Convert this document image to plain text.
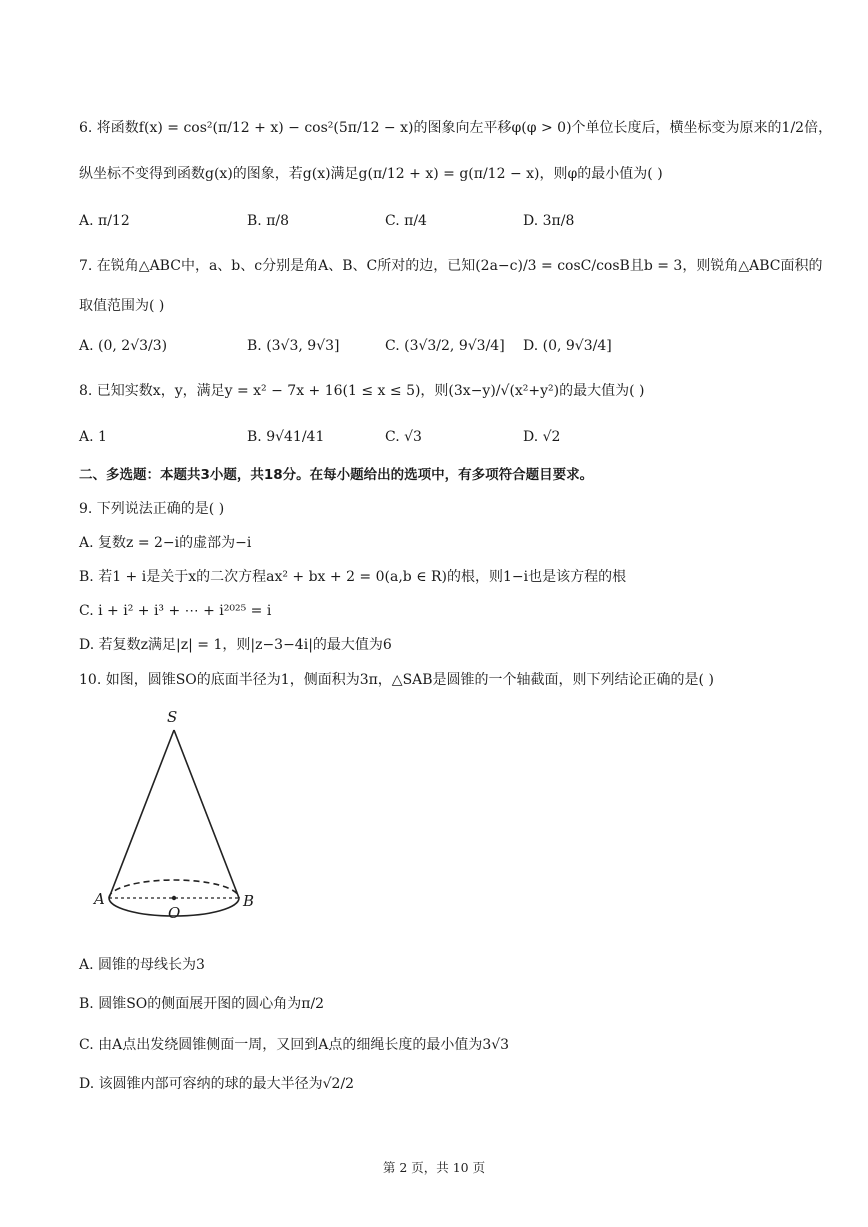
6. 将函数f(x) = cos²(π/12 + x) − cos²(5π/12 − x)的图象向左平移φ(φ > 0)个单位长度后，横坐标变为原来的1/2倍，
纵坐标不变得到函数g(x)的图象，若g(x)满足g(π/12 + x) = g(π/12 − x)，则φ的最小值为( )
A. π/12	B. π/8	C. π/4	D. 3π/8
7. 在锐角△ABC中，a、b、c分别是角A、B、C所对的边，已知(2a−c)/3 = cosC/cosB且b = 3，则锐角△ABC面积的
取值范围为( )
A. (0, 2√3/3)	B. (3√3, 9√3]	C. (3√3/2, 9√3/4] D. (0, 9√3/4]
8. 已知实数x，y，满足y = x² − 7x + 16(1 ≤ x ≤ 5)，则(3x−y)/√(x²+y²)的最大值为( )
A. 1	B. 9√41/41	C. √3	D. √2
二、多选题：本题共3小题，共18分。在每小题给出的选项中，有多项符合题目要求。
9. 下列说法正确的是( )
A. 复数z = 2−i的虚部为−i
B. 若1 + i是关于x的二次方程ax² + bx + 2 = 0(a,b ∈ R)的根，则1−i也是该方程的根
C. i + i² + i³ + ⋯ + i²⁰²⁵ = i
D. 若复数z满足|z| = 1，则|z−3−4i|的最大值为6
10. 如图，圆锥SO的底面半径为1，侧面积为3π，△SAB是圆锥的一个轴截面，则下列结论正确的是( )
S
A	B
O
A. 圆锥的母线长为3
B. 圆锥SO的侧面展开图的圆心角为π/2
C. 由A点出发绕圆锥侧面一周，又回到A点的细绳长度的最小值为3√3
D. 该圆锥内部可容纳的球的最大半径为√2/2
第 2 页，共 10 页
